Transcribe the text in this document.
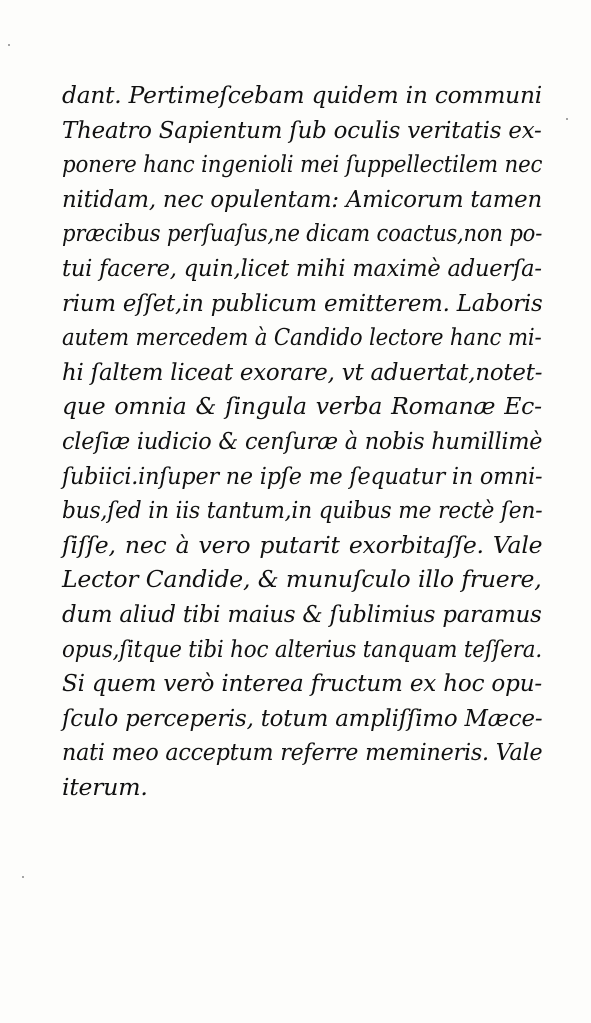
dant. Pertimeſcebam quidem in communi
Theatro Sapientum ſub oculis veritatis ex-
ponere hanc ingenioli mei ſuppellectilem nec
nitidam, nec opulentam: Amicorum tamen
præcibus perſuaſus,ne dicam coactus,non po-
tui facere, quin,licet mihi maximè aduerſa-
rium eſſet,in publicum emitterem. Laboris
autem mercedem à Candido lectore hanc mi-
hi ſaltem liceat exorare, vt aduertat,notet-
que omnia & ſingula verba Romanæ Ec-
cleſiæ iudicio & cenſuræ à nobis humillimè
ſubiici.inſuper ne ipſe me ſequatur in omni-
bus,ſed in iis tantum,in quibus me rectè ſen-
ſiſſe, nec à vero putarit exorbitaſſe. Vale
Lector Candide, & munuſculo illo fruere,
dum aliud tibi maius & ſublimius paramus
opus,ſitque tibi hoc alterius tanquam teſſera.
Si quem verò interea fructum ex hoc opu-
ſculo perceperis, totum ampliſſimo Mæce-
nati meo acceptum referre memineris. Vale
iterum.
